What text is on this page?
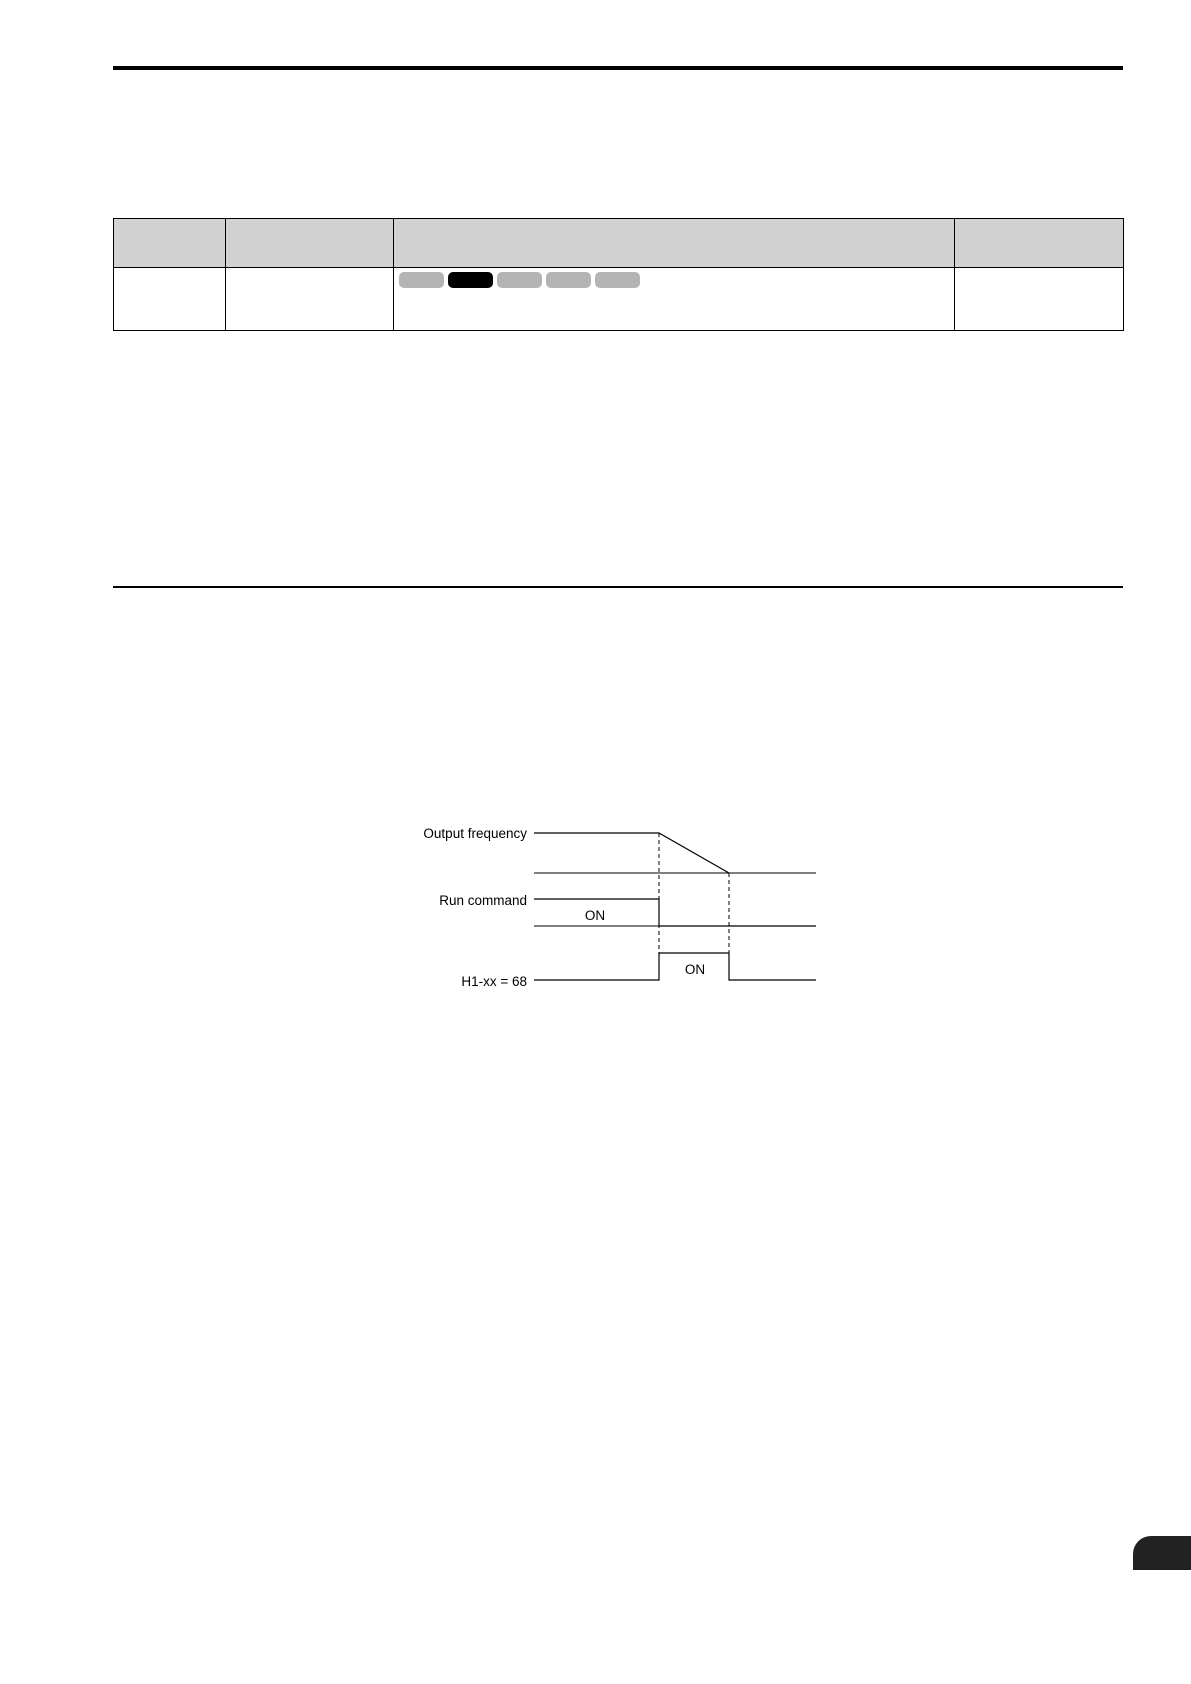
Output frequency
Run command
ON
H1-xx = 68
ON
